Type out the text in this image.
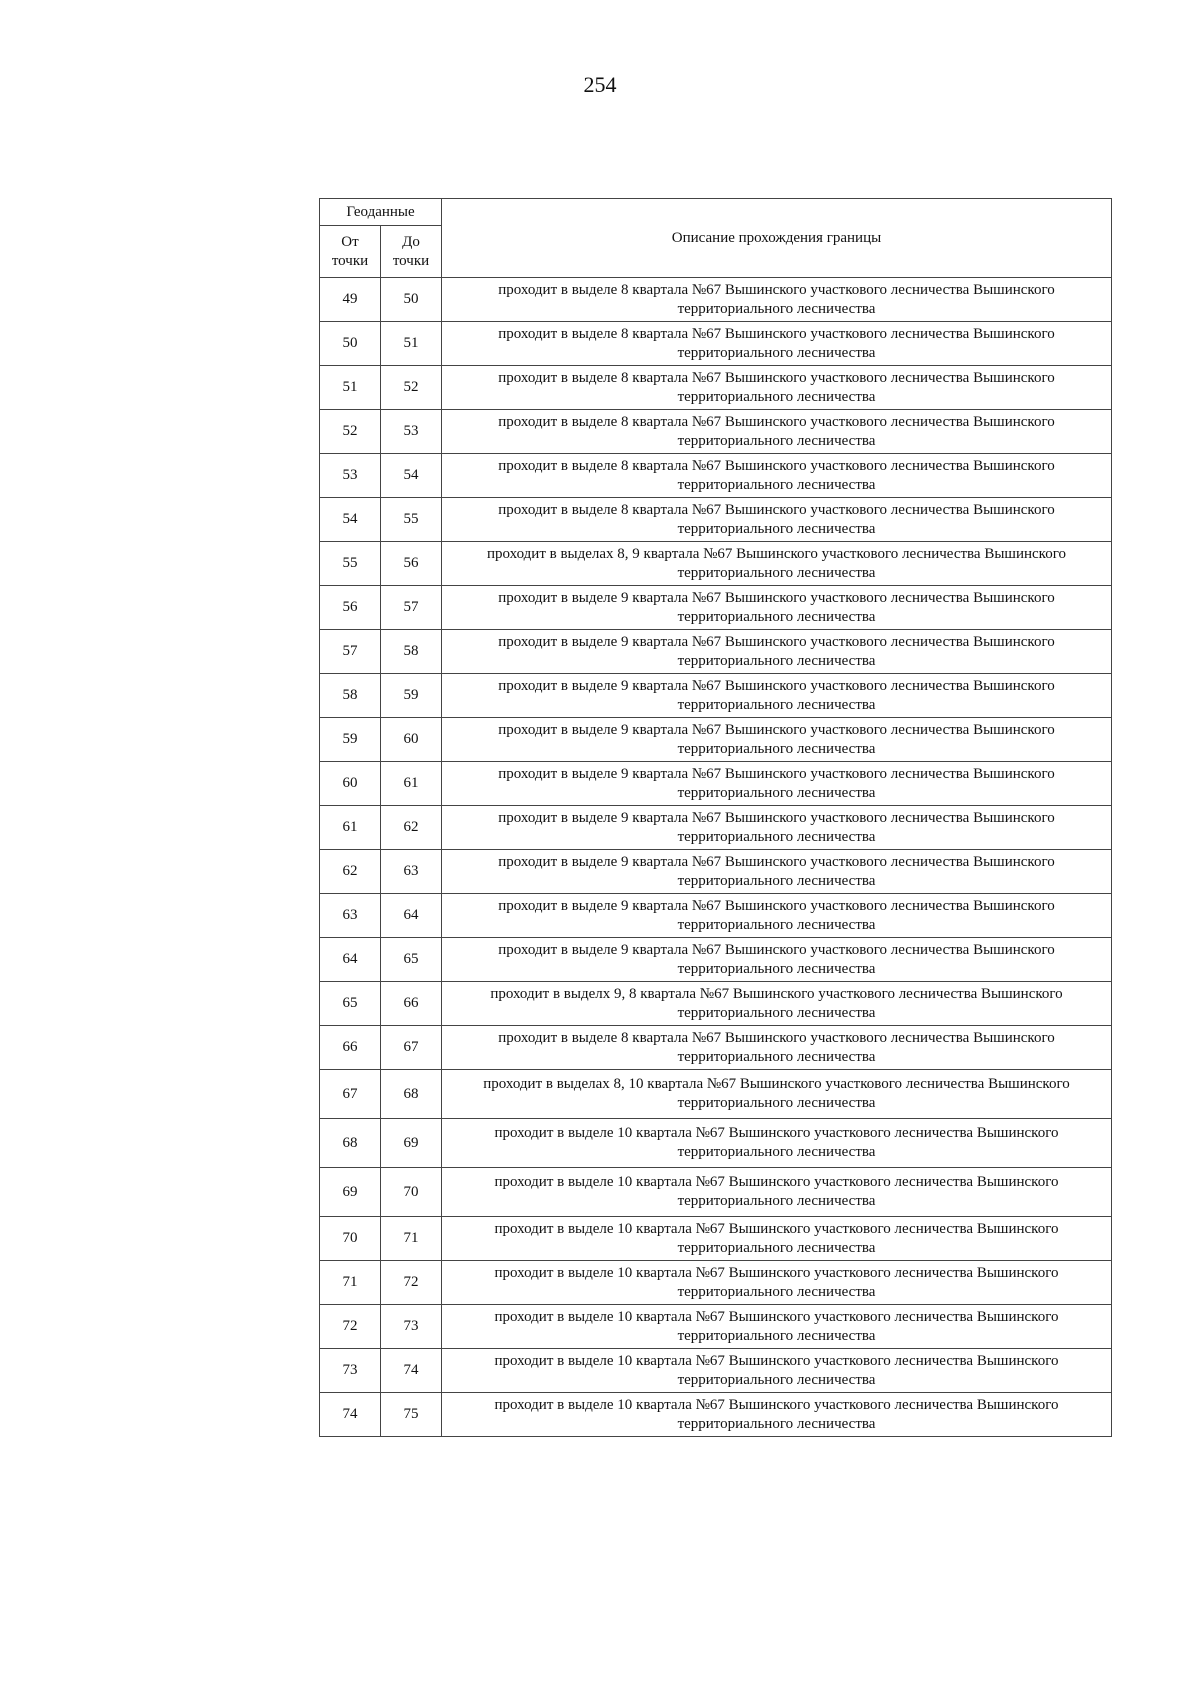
254
Геоданные		Описание прохождения границы
От точки	До точки	
49	50	проходит в выделе 8 квартала №67 Вышинского участкового лесничества Вышинского территориального лесничества
50	51	проходит в выделе 8 квартала №67 Вышинского участкового лесничества Вышинского территориального лесничества
51	52	проходит в выделе 8 квартала №67 Вышинского участкового лесничества Вышинского территориального лесничества
52	53	проходит в выделе 8 квартала №67 Вышинского участкового лесничества Вышинского территориального лесничества
53	54	проходит в выделе 8 квартала №67 Вышинского участкового лесничества Вышинского территориального лесничества
54	55	проходит в выделе 8 квартала №67 Вышинского участкового лесничества Вышинского территориального лесничества
55	56	проходит в выделах 8, 9 квартала №67 Вышинского участкового лесничества Вышинского территориального лесничества
56	57	проходит в выделе 9 квартала №67 Вышинского участкового лесничества Вышинского территориального лесничества
57	58	проходит в выделе 9 квартала №67 Вышинского участкового лесничества Вышинского территориального лесничества
58	59	проходит в выделе 9 квартала №67 Вышинского участкового лесничества Вышинского территориального лесничества
59	60	проходит в выделе 9 квартала №67 Вышинского участкового лесничества Вышинского территориального лесничества
60	61	проходит в выделе 9 квартала №67 Вышинского участкового лесничества Вышинского территориального лесничества
61	62	проходит в выделе 9 квартала №67 Вышинского участкового лесничества Вышинского территориального лесничества
62	63	проходит в выделе 9 квартала №67 Вышинского участкового лесничества Вышинского территориального лесничества
63	64	проходит в выделе 9 квартала №67 Вышинского участкового лесничества Вышинского территориального лесничества
64	65	проходит в выделе 9 квартала №67 Вышинского участкового лесничества Вышинского территориального лесничества
65	66	проходит в выделх 9, 8 квартала №67 Вышинского участкового лесничества Вышинского территориального лесничества
66	67	проходит в выделе 8 квартала №67 Вышинского участкового лесничества Вышинского территориального лесничества
67	68	проходит в выделах 8, 10 квартала №67 Вышинского участкового лесничества Вышинского территориального лесничества
68	69	проходит в выделе 10 квартала №67 Вышинского участкового лесничества Вышинского территориального лесничества
69	70	проходит в выделе 10 квартала №67 Вышинского участкового лесничества Вышинского территориального лесничества
70	71	проходит в выделе 10 квартала №67 Вышинского участкового лесничества Вышинского территориального лесничества
71	72	проходит в выделе 10 квартала №67 Вышинского участкового лесничества Вышинского территориального лесничества
72	73	проходит в выделе 10 квартала №67 Вышинского участкового лесничества Вышинского территориального лесничества
73	74	проходит в выделе 10 квартала №67 Вышинского участкового лесничества Вышинского территориального лесничества
74	75	проходит в выделе 10 квартала №67 Вышинского участкового лесничества Вышинского территориального лесничества
